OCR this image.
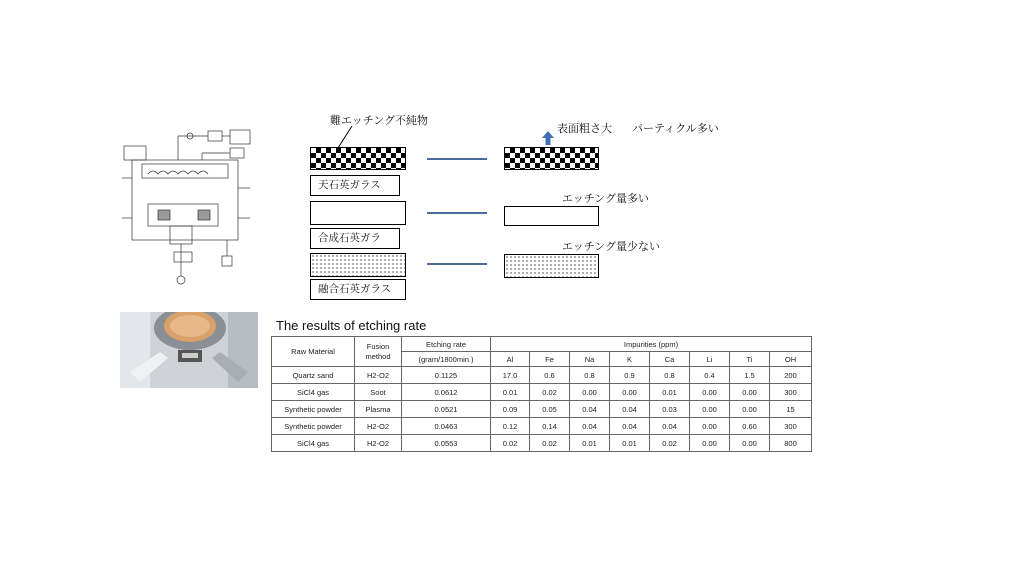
難エッチング不純物
天石英ガラス
合成石英ガラ
融合石英ガラス
表面粗さ大 パーティクル多い
エッチング量多い
エッチング量少ない
The results of etching rate
Raw Material	Fusion method	Etching rate	Impurities (ppm)							
		(gram/1800min.)	Al	Fe	Na	K	Ca	Li	Ti	OH
Quartz sand	H2-O2	0.1125	17.0	0.6	0.8	0.9	0.8	0.4	1.5	200
SiCl4 gas	Soot	0.0612	0.01	0.02	0.00	0.00	0.01	0.00	0.00	300
Synthetic powder	Plasma	0.0521	0.09	0.05	0.04	0.04	0.03	0.00	0.00	15
Synthetic powder	H2-O2	0.0463	0.12	0.14	0.04	0.04	0.04	0.00	0.60	300
SiCl4 gas	H2-O2	0.0553	0.02	0.02	0.01	0.01	0.02	0.00	0.00	800
